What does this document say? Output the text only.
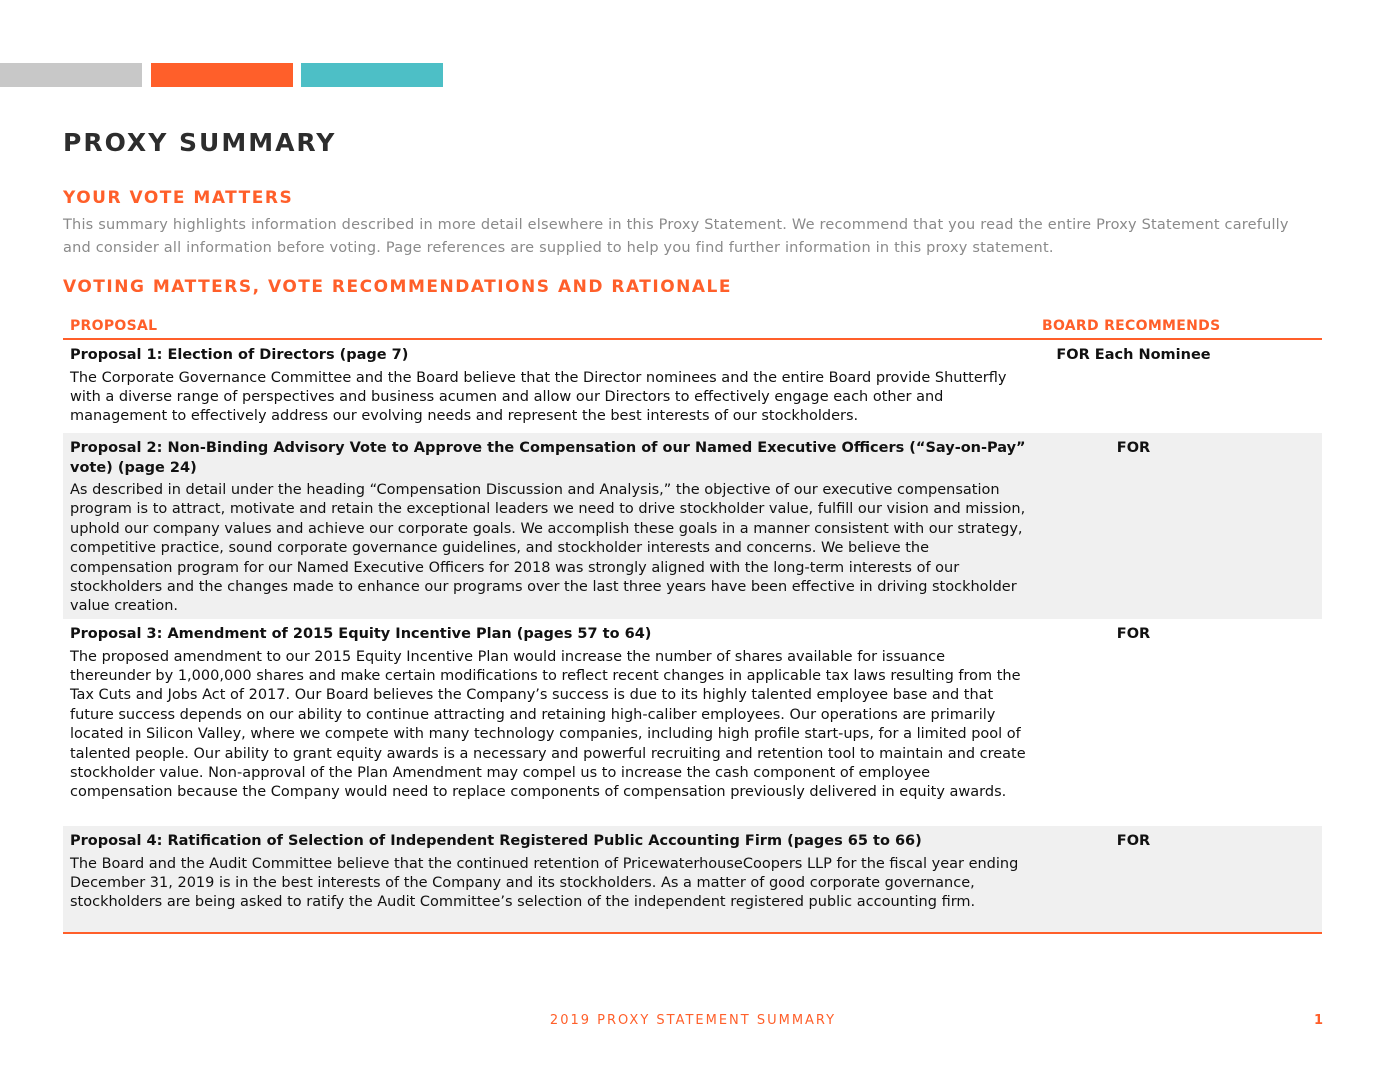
PROXY SUMMARY
YOUR VOTE MATTERS

This summary highlights information described in more detail elsewhere in this Proxy Statement. We recommend that you read the entire Proxy Statement carefully and consider all information before voting. Page references are supplied to help you find further information in this proxy statement.

VOTING MATTERS, VOTE RECOMMENDATIONS AND RATIONALE
PROPOSAL	BOARD RECOMMENDS

Proposal 1: Election of Directors (page 7)

The Corporate Governance Committee and the Board believe that the Director nominees and the entire Board provide Shutterfly with a diverse range of perspectives and business acumen and allow our Directors to effectively engage each other and management to effectively address our evolving needs and represent the best interests of our stockholders.

FOR Each Nominee

Proposal 2: Non-Binding Advisory Vote to Approve the Compensation of our Named Executive Officers (“Say-on-Pay” vote) (page 24)

As described in detail under the heading “Compensation Discussion and Analysis,” the objective of our executive compensation program is to attract, motivate and retain the exceptional leaders we need to drive stockholder value, fulfill our vision and mission, uphold our company values and achieve our corporate goals. We accomplish these goals in a manner consistent with our strategy, competitive practice, sound corporate governance guidelines, and stockholder interests and concerns. We believe the compensation program for our Named Executive Officers for 2018 was strongly aligned with the long-term interests of our stockholders and the changes made to enhance our programs over the last three years have been effective in driving stockholder value creation.

FOR

Proposal 3: Amendment of 2015 Equity Incentive Plan (pages 57 to 64)

The proposed amendment to our 2015 Equity Incentive Plan would increase the number of shares available for issuance thereunder by 1,000,000 shares and make certain modifications to reflect recent changes in applicable tax laws resulting from the Tax Cuts and Jobs Act of 2017. Our Board believes the Company’s success is due to its highly talented employee base and that future success depends on our ability to continue attracting and retaining high-caliber employees. Our operations are primarily located in Silicon Valley, where we compete with many technology companies, including high profile start-ups, for a limited pool of talented people. Our ability to grant equity awards is a necessary and powerful recruiting and retention tool to maintain and create stockholder value. Non-approval of the Plan Amendment may compel us to increase the cash component of employee compensation because the Company would need to replace components of compensation previously delivered in equity awards.

FOR

Proposal 4: Ratification of Selection of Independent Registered Public Accounting Firm (pages 65 to 66)

The Board and the Audit Committee believe that the continued retention of PricewaterhouseCoopers LLP for the fiscal year ending December 31, 2019 is in the best interests of the Company and its stockholders. As a matter of good corporate governance, stockholders are being asked to ratify the Audit Committee’s selection of the independent registered public accounting firm.

FOR
2019 PROXY STATEMENT SUMMARY	1
